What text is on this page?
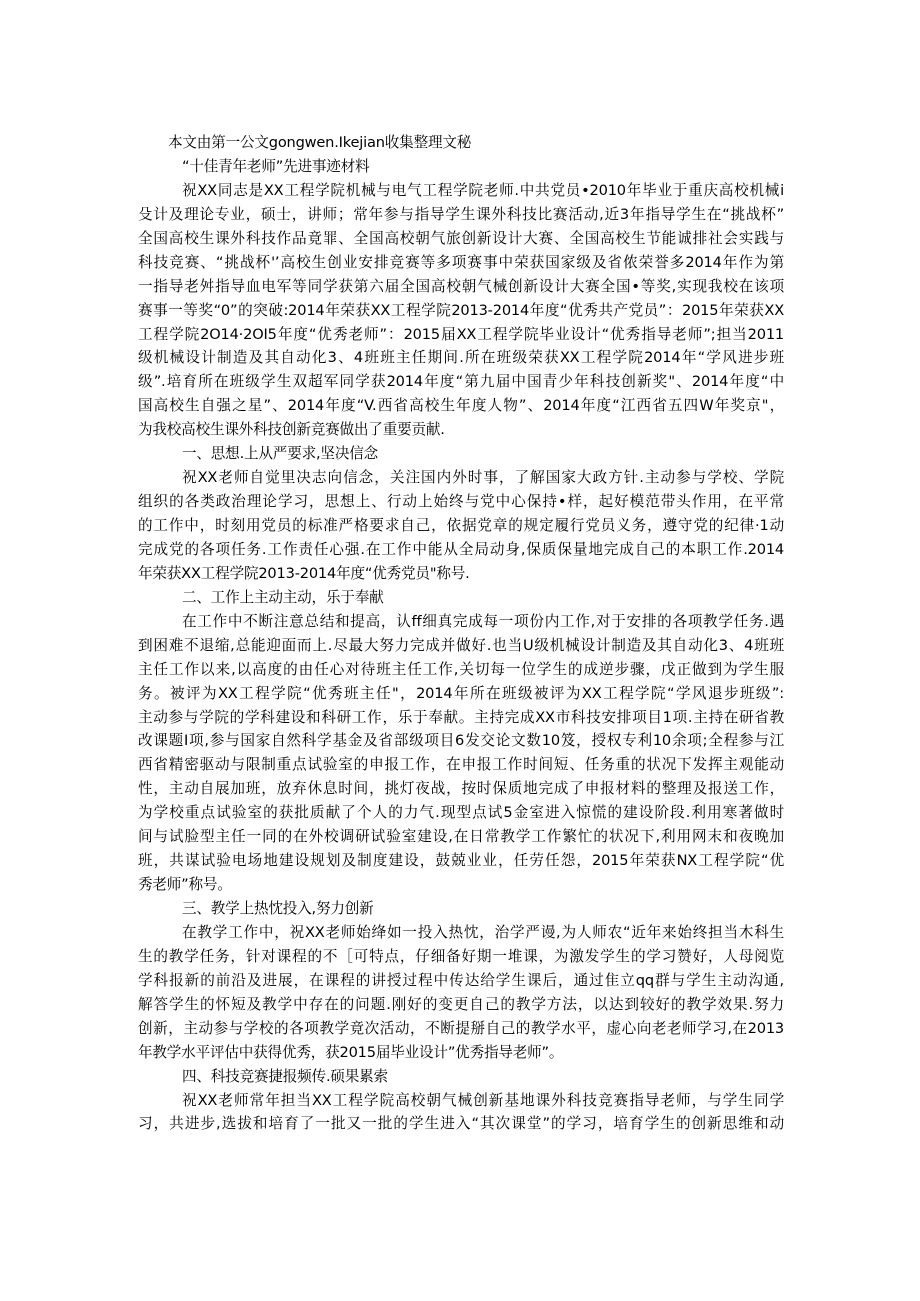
本文由第一公文gongwen.Ikejian收集整理文秘
“十佳青年老师”先进事迹材料
祝XX同志是XX工程学院机械与电气工程学院老师.中共党员•2010年毕业于重庆高校机械i
殳计及理论专业，硕士，讲师；常年参与指导学生课外科技比赛活动,近3年指导学生在“挑战杯”
全国高校生课外科技作品竟罪、全国高校朝气旅创新设计大赛、全国高校生节能诚排社会实践与
科技竞赛、“挑战杯'’高校生创业安排竞赛等多项赛事中荣获国家级及省侬荣誉多2014年作为第
一指导老舛指导血电军等同学获第六届全国高校朝气械创新设计大赛全国•等奖,实现我校在该项
赛事一等奖“0”的突破:2014年荣获XX工程学院2013-2014年度“优秀共产党员”：2015年荣获XX
工程学院2O14·2OI5年度“优秀老师”：2015届XX工程学院毕业设计“优秀指导老师”;担当2011
级机械设计制造及其自动化3、4班班主任期间.所在班级荣获XX工程学院2014年“学风进步班
级”.培育所在班级学生双超军同学获2014年度“第九届中国青少年科技创新奖"、2014年度“中
国高校生自强之星”、2014年度“V.西省高校生年度人物”、2014年度“江西省五四W年奖京"，
为我校高校生课外科技创新竞赛做出了重要贡献.
一、思想.上从严要求,坚决信念
祝XX老师自觉里决志向信念，关注国内外时事，了解国家大政方针.主动参与学校、学院
组织的各类政治理论学习，思想上、行动上始终与党中心保持•样，起好模范带头作用，在平常
的工作中，时刻用党员的标准严格要求自己，依据党章的规定履行党员义务，遵守党的纪律·1动
完成党的各项任务.工作责任心强.在工作中能从全局动身,保质保量地完成自己的本职工作.2014
年荣获XX工程学院2013-2014年度“优秀党员"称号.
二、工作上主动主动，乐于奉献
在工作中不断注意总结和提高，认ff细真完成每一项份内工作,对于安排的各项教学任务.遇
到困难不退缩,总能迎面而上.尽最大努力完成并做好.也当U级机械设计制造及其自动化3、4班班
主任工作以来,以高度的由任心对待班主任工作,关切每一位学生的成逆步骤，戊正做到为学生服
务。被评为XX工程学院“优秀班主任"，2014年所在班级被评为XX工程学院“学风退步班级”:
主动参与学院的学科建设和科研工作，乐于奉献。主持完成XX市科技安排项目1项.主持在研省教
改课题I项,参与国家自然科学基金及省部级项目6发交论文数10笈，授权专利10余项;全程参与江
西省精密驱动与限制重点试验室的申报工作，在申报工作时间短、任务重的状况下发挥主观能动
性，主动自展加班，放弃休息时间，挑灯夜战，按时保质地完成了申报材料的整理及报送工作，
为学校重点试验室的获批质献了个人的力气.现型点试5金室进入惊慌的建设阶段.利用寒著做时
间与试脸型主任一同的在外校调研试验室建设,在日常教学工作繁忙的状况下,利用网末和夜晚加
班，共谋试验电场地建设规划及制度建设，鼓兢业业，任劳任怨，2015年荣获NX工程学院“优
秀老师”称号。
三、教学上热忱投入,努力创新
在教学工作中，祝XX老师始绛如一投入热忱，治学严谩,为人师农“近年来始终担当木科生
生的教学任务，针对课程的不［可特点，仔细备好期一堆课，为激发学生的学习赞好，人母阅览
学科报新的前沿及进展，在课程的讲授过程中传达给学生课后，通过隹立qq群与学生主动沟通,
解答学生的怀短及教学中存在的问题.刚好的变更自己的教学方法，以达到较好的教学效果.努力
创新，主动参与学校的各项教学竟次活动，不断提掰自己的教学水平，虚心向老老师学习,在2013
年教学水平评估中获得优秀，获2015届毕业设计”优秀指导老师”。
四、科技竞赛捷报频传.硕果累索
祝XX老师常年担当XX工程学院高校朝气械创新基地课外科技竞赛指导老师，与学生同学
习，共进步,选拔和培育了一批又一批的学生进入“其次课堂”的学习，培育学生的创新思维和动
